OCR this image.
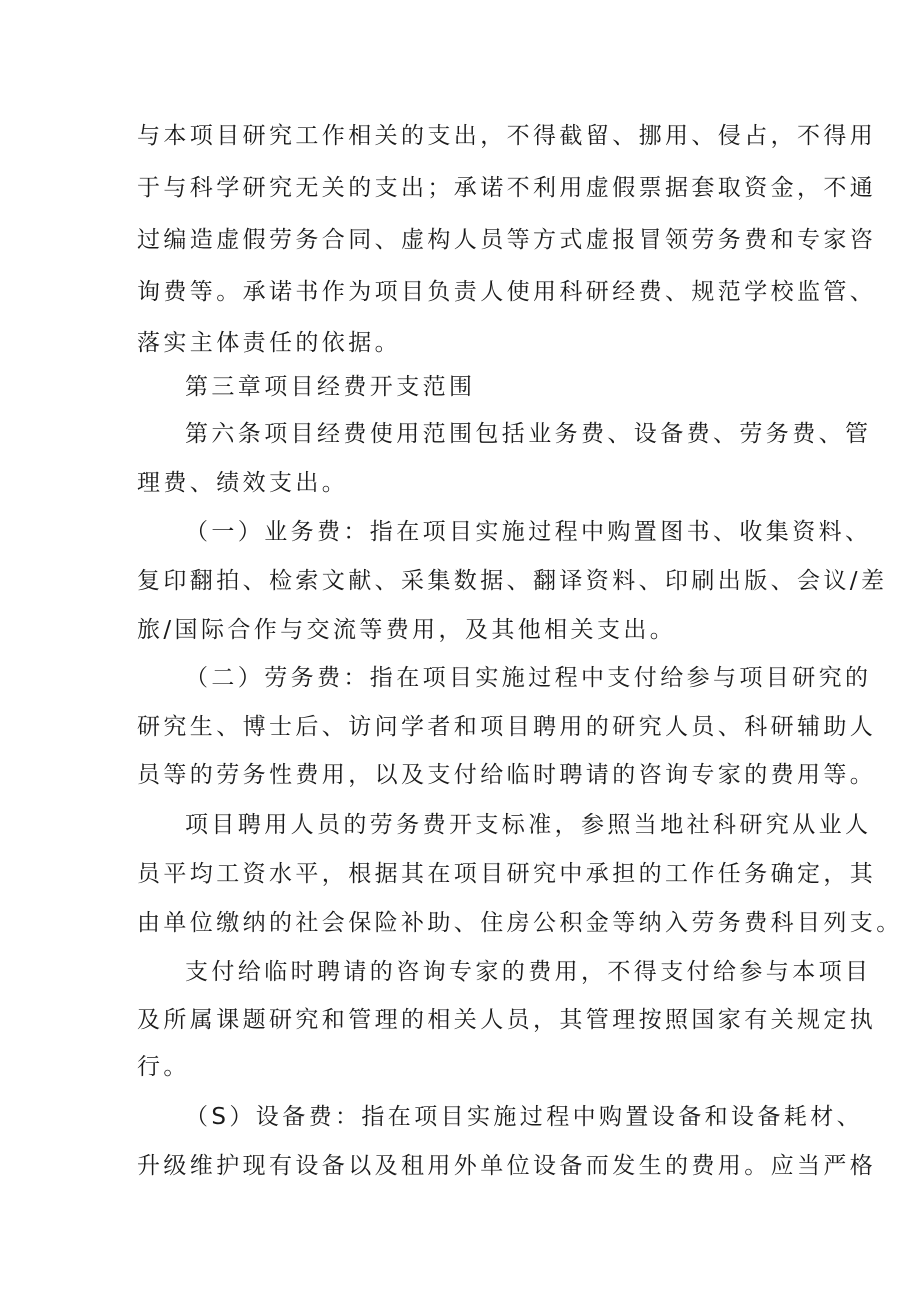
与本项目研究工作相关的支出，不得截留、挪用、侵占，不得用
于与科学研究无关的支出；承诺不利用虚假票据套取资金，不通
过编造虚假劳务合同、虚构人员等方式虚报冒领劳务费和专家咨
询费等。承诺书作为项目负责人使用科研经费、规范学校监管、
落实主体责任的依据。
第三章项目经费开支范围
第六条项目经费使用范围包括业务费、设备费、劳务费、管
理费、绩效支出。
（一）业务费：指在项目实施过程中购置图书、收集资料、
复印翻拍、检索文献、采集数据、翻译资料、印刷出版、会议/差
旅/国际合作与交流等费用，及其他相关支出。
（二）劳务费：指在项目实施过程中支付给参与项目研究的
研究生、博士后、访问学者和项目聘用的研究人员、科研辅助人
员等的劳务性费用，以及支付给临时聘请的咨询专家的费用等。
项目聘用人员的劳务费开支标准，参照当地社科研究从业人
员平均工资水平，根据其在项目研究中承担的工作任务确定，其
由单位缴纳的社会保险补助、住房公积金等纳入劳务费科目列支。
支付给临时聘请的咨询专家的费用，不得支付给参与本项目
及所属课题研究和管理的相关人员，其管理按照国家有关规定执
行。
（S）设备费：指在项目实施过程中购置设备和设备耗材、
升级维护现有设备以及租用外单位设备而发生的费用。应当严格
